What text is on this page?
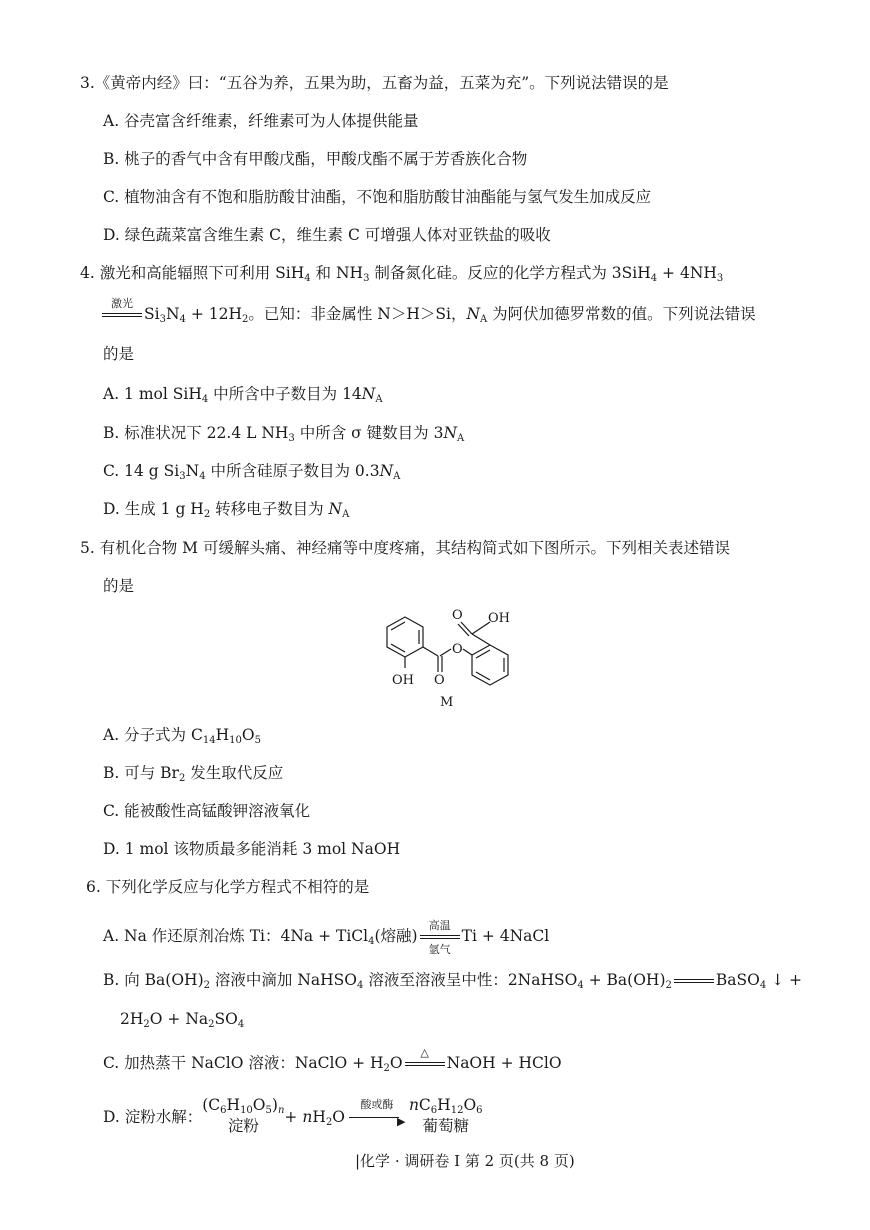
3.《黄帝内经》曰：“五谷为养，五果为助，五畜为益，五菜为充”。下列说法错误的是
A. 谷壳富含纤维素，纤维素可为人体提供能量
B. 桃子的香气中含有甲酸戊酯，甲酸戊酯不属于芳香族化合物
C. 植物油含有不饱和脂肪酸甘油酯，不饱和脂肪酸甘油酯能与氢气发生加成反应
D. 绿色蔬菜富含维生素 C，维生素 C 可增强人体对亚铁盐的吸收
4. 激光和高能辐照下可利用 SiH$_4$ 和 $NH_3$ 制备氮化硅。反应的化学方程式为 $3SiH_4 + 4NH_3$
激光
$Si_3N_4 + 12H_2$。已知：非金属性 N＞H＞Si，$N_A$ 为阿伏加德罗常数的值。下列说法错误
的是
A. 1 mol SiH$_4$ 中所含中子数目为 $14N_A$
B. 标准状况下 22.4 L $NH_3$ 中所含 σ 键数目为 $3N_A$
C. 14 g $Si_3N_4$ 中所含硅原子数目为 $0.3N_A$
D. 生成 1 g $H_2$ 转移电子数目为 $N_A$
5. 有机化合物 M 可缓解头痛、神经痛等中度疼痛，其结构简式如下图所示。下列相关表述错误
的是
O OH
O
O
OH
M
A. 分子式为 $C_{14}H_{10}O_5$
B. 可与 $Br_2$ 发生取代反应
C. 能被酸性高锰酸钾溶液氧化
D. 1 mol 该物质最多能消耗 3 mol NaOH
6. 下列化学反应与化学方程式不相符的是
A. Na 作还原剂冶炼 Ti：4Na + TiCl$_4$(熔融)
高温
氩气
Ti + 4NaCl
B. 向 $Ba(OH)_2$ 溶液中滴加 NaHSO$_4$ 溶液至溶液呈中性：2NaHSO$_4$ + $Ba(OH)_2$	BaSO$_4$ ↓ +
$2H_2O + Na_2SO_4$
C. 加热蒸干 NaClO 溶液：NaClO + $H_2O$
△
NaOH + HClO
D. 淀粉水解：
$(C_6H_{10}O_5)_n$
淀粉	+ $nH_2O$
酸或酶
▶
$nC_6H_{12}O_6$
葡萄糖
|化学 · 调研卷 Ⅰ 第 2 页(共 8 页)
